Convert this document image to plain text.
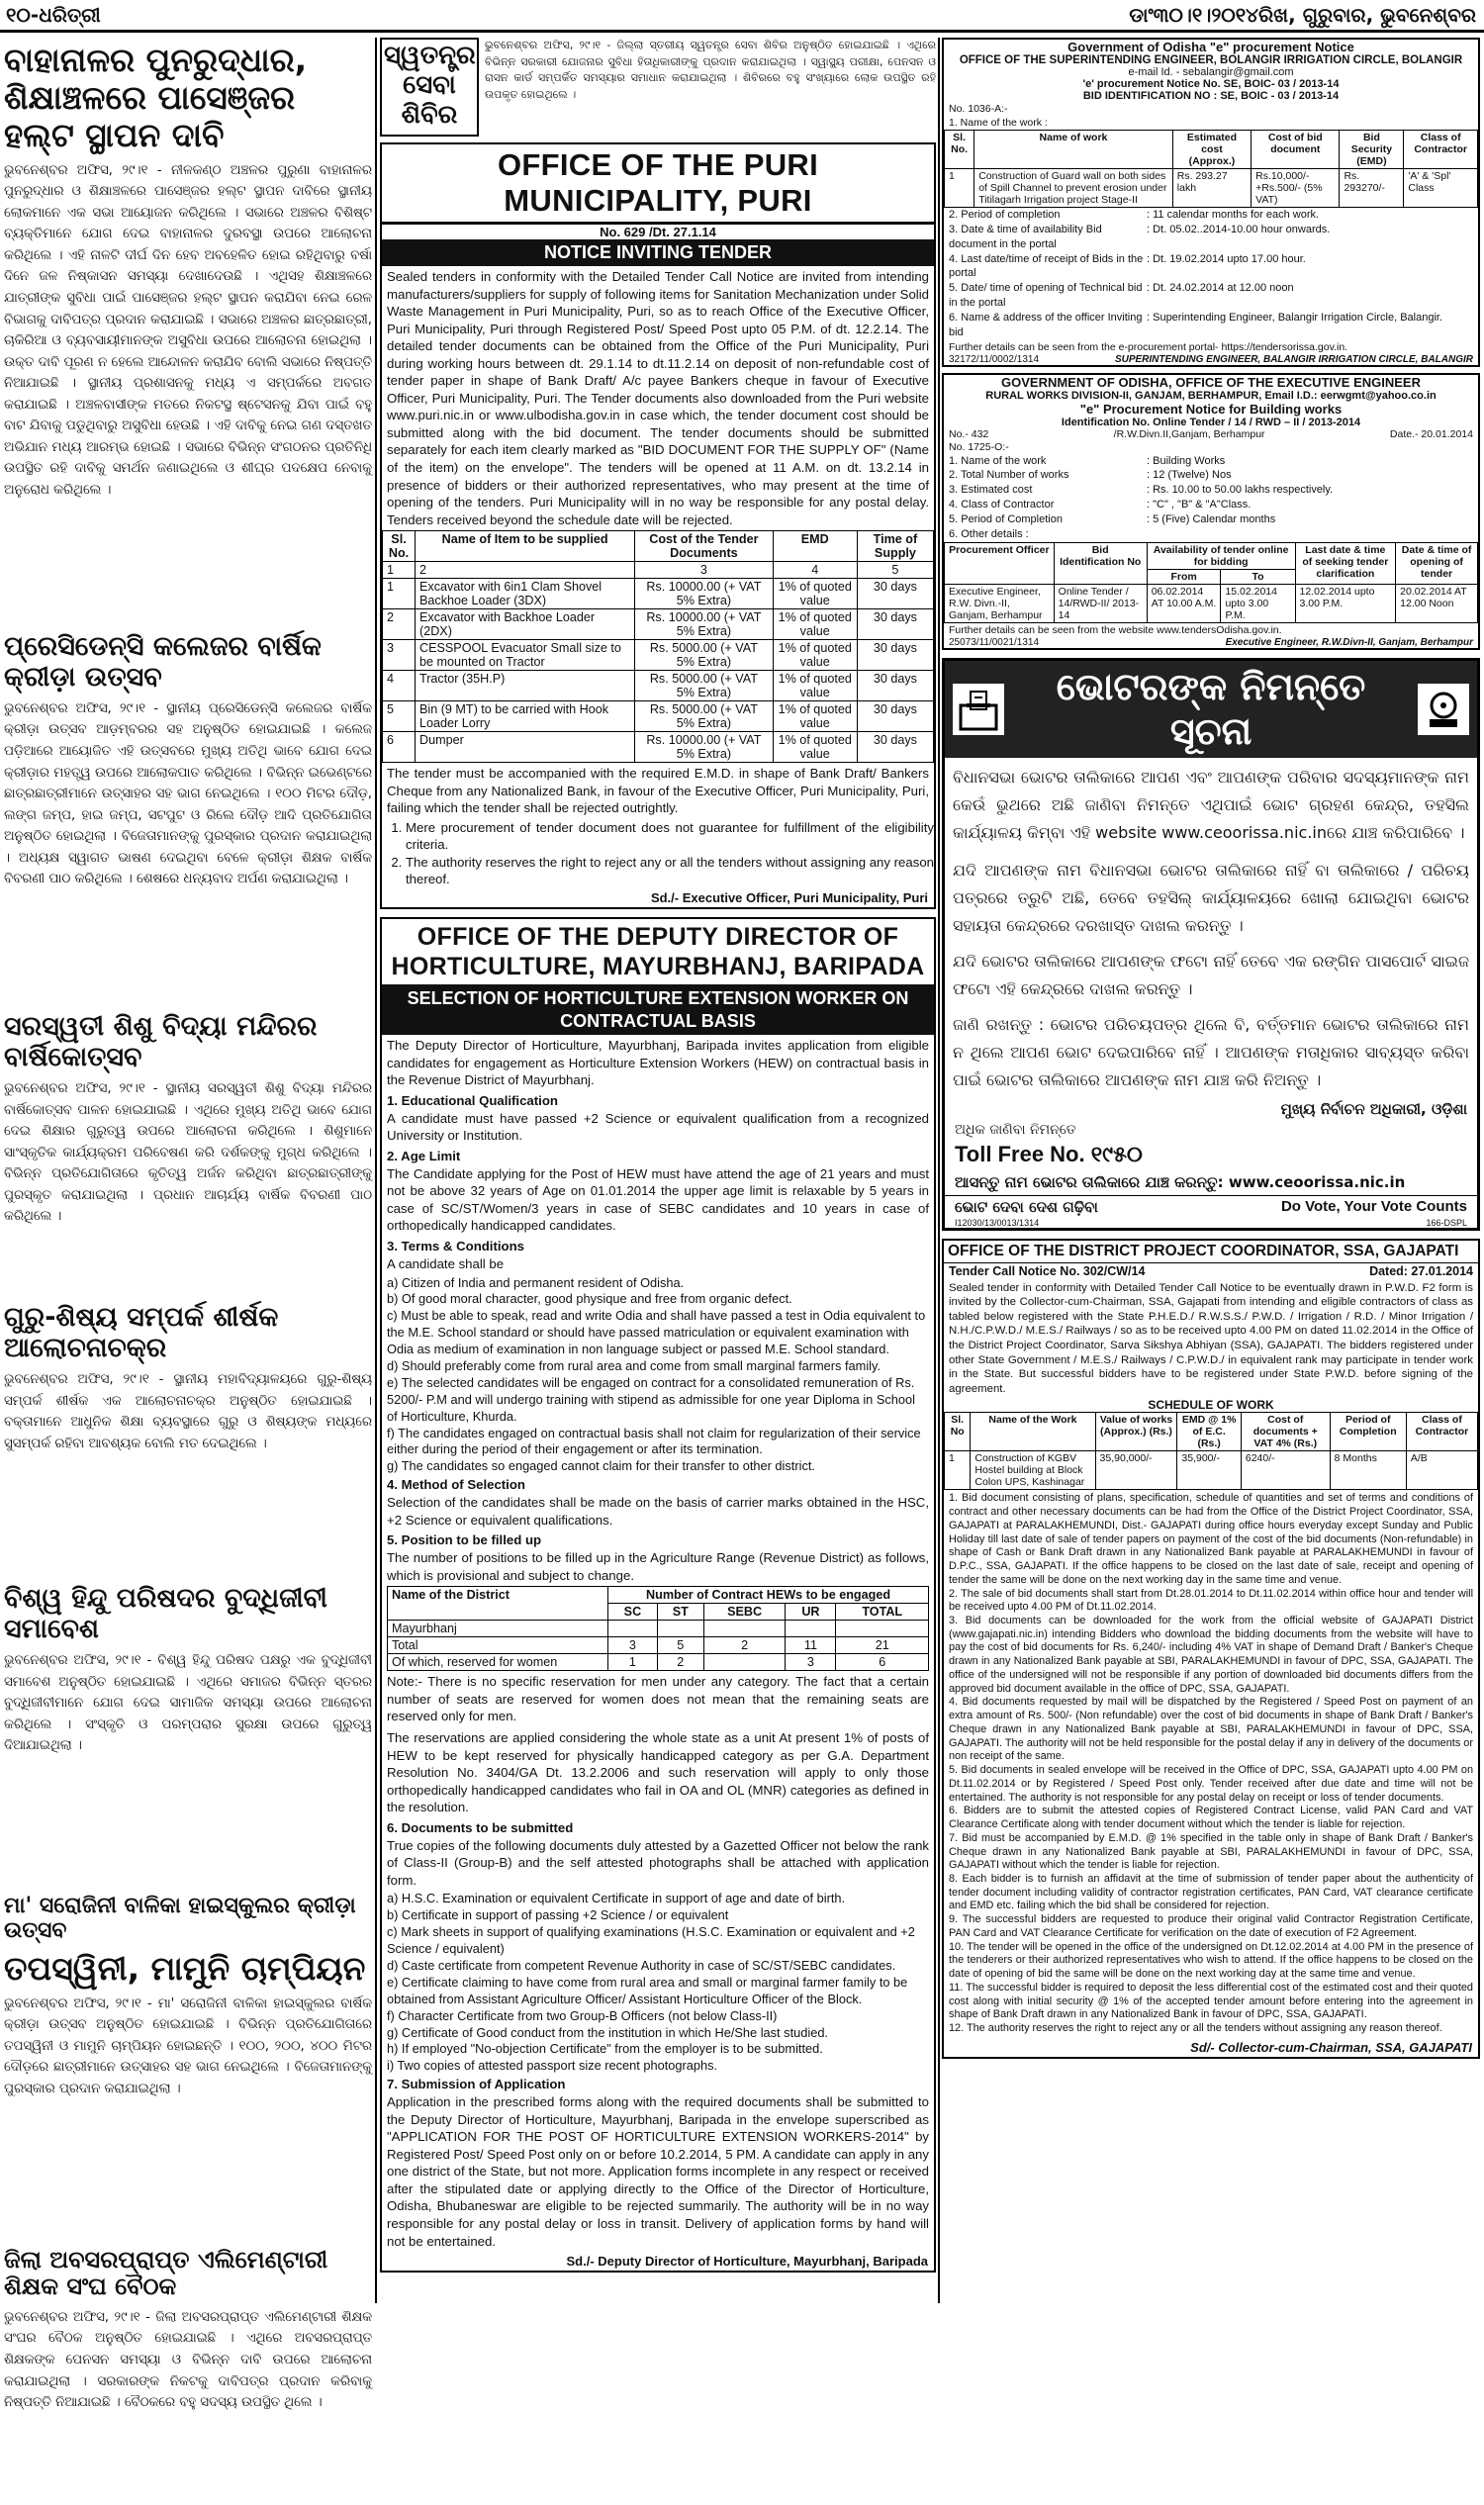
୧୦-ଧରିତ୍ରୀ	ଡାଂ୩୦।୧।୨୦୧୪ରିଖ, ଗୁରୁବାର, ଭୁବନେଶ୍ବର
ବାହାନାଳର ପୁନରୁଦ୍ଧାର, ଶିକ୍ଷାଞ୍ଚଳରେ ପାସେଞ୍ଜର ହଲ୍ଟ ସ୍ଥାପନ ଦାବି

ଭୁବନେଶ୍ବର ଅଫିସ, ୨୯।୧ - ନୀଳକଣ୍ଠ ଅଞ୍ଚଳର ପୁରୁଣା ବାହାନାଳର ପୁନରୁଦ୍ଧାର ଓ ଶିକ୍ଷାଞ୍ଚଳରେ ପାସେଞ୍ଜର ହଲ୍ଟ ସ୍ଥାପନ ଦାବିରେ ସ୍ଥାନୀୟ ଲୋକମାନେ ଏକ ସଭା ଆୟୋଜନ କରିଥିଲେ । ସଭାରେ ଅଞ୍ଚଳର ବିଶିଷ୍ଟ ବ୍ୟକ୍ତିମାନେ ଯୋଗ ଦେଇ ବାହାନାଳର ଦୁରବସ୍ଥା ଉପରେ ଆଲୋଚନା କରିଥିଲେ । ଏହି ନାଳଟି ଦୀର୍ଘ ଦିନ ହେବ ଅବହେଳିତ ହୋଇ ରହିଥିବାରୁ ବର୍ଷା ଦିନେ ଜଳ ନିଷ୍କାସନ ସମସ୍ୟା ଦେଖାଦେଉଛି । ଏଥିସହ ଶିକ୍ଷାଞ୍ଚଳରେ ଯାତ୍ରୀଙ୍କ ସୁବିଧା ପାଇଁ ପାସେଞ୍ଜର ହଲ୍ଟ ସ୍ଥାପନ କରାଯିବା ନେଇ ରେଳ ବିଭାଗକୁ ଦାବିପତ୍ର ପ୍ରଦାନ କରାଯାଇଛି । ସଭାରେ ଅଞ୍ଚଳର ଛାତ୍ରଛାତ୍ରୀ, ଚାକିରିଆ ଓ ବ୍ୟବସାୟୀମାନଙ୍କ ଅସୁବିଧା ଉପରେ ଆଲୋଚନା ହୋଇଥିଲା । ଉକ୍ତ ଦାବି ପୂରଣ ନ ହେଲେ ଆନ୍ଦୋଳନ କରାଯିବ ବୋଲି ସଭାରେ ନିଷ୍ପତ୍ତି ନିଆଯାଇଛି । ସ୍ଥାନୀୟ ପ୍ରଶାସନକୁ ମଧ୍ୟ ଏ ସମ୍ପର୍କରେ ଅବଗତ କରାଯାଇଛି । ଅଞ୍ଚଳବାସୀଙ୍କ ମତରେ ନିକଟସ୍ଥ ଷ୍ଟେସନକୁ ଯିବା ପାଇଁ ବହୁ ବାଟ ଯିବାକୁ ପଡୁଥିବାରୁ ଅସୁବିଧା ହେଉଛି । ଏହି ଦାବିକୁ ନେଇ ଗଣ ଦସ୍ତଖତ ଅଭିଯାନ ମଧ୍ୟ ଆରମ୍ଭ ହୋଇଛି । ସଭାରେ ବିଭିନ୍ନ ସଂଗଠନର ପ୍ରତିନିଧି ଉପସ୍ଥିତ ରହି ଦାବିକୁ ସମର୍ଥନ ଜଣାଇଥିଲେ ଓ ଶୀଘ୍ର ପଦକ୍ଷେପ ନେବାକୁ ଅନୁରୋଧ କରିଥିଲେ ।

ପ୍ରେସିଡେନ୍ସି କଲେଜର ବାର୍ଷିକ କ୍ରୀଡ଼ା ଉତ୍ସବ

ଭୁବନେଶ୍ବର ଅଫିସ, ୨୯।୧ - ସ୍ଥାନୀୟ ପ୍ରେସିଡେନ୍ସି କଲେଜର ବାର୍ଷିକ କ୍ରୀଡ଼ା ଉତ୍ସବ ଆଡ଼ମ୍ବରର ସହ ଅନୁଷ୍ଠିତ ହୋଇଯାଇଛି । କଲେଜ ପଡ଼ିଆରେ ଆୟୋଜିତ ଏହି ଉତ୍ସବରେ ମୁଖ୍ୟ ଅତିଥି ଭାବେ ଯୋଗ ଦେଇ କ୍ରୀଡ଼ାର ମହତ୍ତ୍ୱ ଉପରେ ଆଲୋକପାତ କରିଥିଲେ । ବିଭିନ୍ନ ଇଭେଣ୍ଟରେ ଛାତ୍ରଛାତ୍ରୀମାନେ ଉତ୍ସାହର ସହ ଭାଗ ନେଇଥିଲେ । ୧୦୦ ମିଟର ଦୌଡ଼, ଲଙ୍ଗ ଜମ୍ପ, ହାଇ ଜମ୍ପ, ସଟପୁଟ ଓ ରିଲେ ଦୌଡ଼ ଆଦି ପ୍ରତିଯୋଗିତା ଅନୁଷ୍ଠିତ ହୋଇଥିଲା । ବିଜେତାମାନଙ୍କୁ ପୁରସ୍କାର ପ୍ରଦାନ କରାଯାଇଥିଲା । ଅଧ୍ୟକ୍ଷ ସ୍ୱାଗତ ଭାଷଣ ଦେଇଥିବା ବେଳେ କ୍ରୀଡ଼ା ଶିକ୍ଷକ ବାର୍ଷିକ ବିବରଣୀ ପାଠ କରିଥିଲେ । ଶେଷରେ ଧନ୍ୟବାଦ ଅର୍ପଣ କରାଯାଇଥିଲା ।

ସରସ୍ୱତୀ ଶିଶୁ ବିଦ୍ୟା ମନ୍ଦିରର ବାର୍ଷିକୋତ୍ସବ

ଭୁବନେଶ୍ବର ଅଫିସ, ୨୯।୧ - ସ୍ଥାନୀୟ ସରସ୍ୱତୀ ଶିଶୁ ବିଦ୍ୟା ମନ୍ଦିରର ବାର୍ଷିକୋତ୍ସବ ପାଳନ ହୋଇଯାଇଛି । ଏଥିରେ ମୁଖ୍ୟ ଅତିଥି ଭାବେ ଯୋଗ ଦେଇ ଶିକ୍ଷାର ଗୁରୁତ୍ୱ ଉପରେ ଆଲୋଚନା କରିଥିଲେ । ଶିଶୁମାନେ ସାଂସ୍କୃତିକ କାର୍ଯ୍ୟକ୍ରମ ପରିବେଷଣ କରି ଦର୍ଶକଙ୍କୁ ମୁଗ୍ଧ କରିଥିଲେ । ବିଭିନ୍ନ ପ୍ରତିଯୋଗିତାରେ କୃତିତ୍ୱ ଅର୍ଜନ କରିଥିବା ଛାତ୍ରଛାତ୍ରୀଙ୍କୁ ପୁରସ୍କୃତ କରାଯାଇଥିଲା । ପ୍ରଧାନ ଆଚାର୍ଯ୍ୟ ବାର୍ଷିକ ବିବରଣୀ ପାଠ କରିଥିଲେ ।

ଗୁରୁ-ଶିଷ୍ୟ ସମ୍ପର୍କ ଶୀର୍ଷକ ଆଲୋଚନାଚକ୍ର

ଭୁବନେଶ୍ବର ଅଫିସ, ୨୯।୧ - ସ୍ଥାନୀୟ ମହାବିଦ୍ୟାଳୟରେ ଗୁରୁ-ଶିଷ୍ୟ ସମ୍ପର୍କ ଶୀର୍ଷକ ଏକ ଆଲୋଚନାଚକ୍ର ଅନୁଷ୍ଠିତ ହୋଇଯାଇଛି । ବକ୍ତାମାନେ ଆଧୁନିକ ଶିକ୍ଷା ବ୍ୟବସ୍ଥାରେ ଗୁରୁ ଓ ଶିଷ୍ୟଙ୍କ ମଧ୍ୟରେ ସୁସମ୍ପର୍କ ରହିବା ଆବଶ୍ୟକ ବୋଲି ମତ ଦେଇଥିଲେ ।

ବିଶ୍ୱ ହିନ୍ଦୁ ପରିଷଦର ବୁଦ୍ଧିଜୀବୀ ସମାବେଶ

ଭୁବନେଶ୍ବର ଅଫିସ, ୨୯।୧ - ବିଶ୍ୱ ହିନ୍ଦୁ ପରିଷଦ ପକ୍ଷରୁ ଏକ ବୁଦ୍ଧିଜୀବୀ ସମାବେଶ ଅନୁଷ୍ଠିତ ହୋଇଯାଇଛି । ଏଥିରେ ସମାଜର ବିଭିନ୍ନ ସ୍ତରର ବୁଦ୍ଧିଜୀବୀମାନେ ଯୋଗ ଦେଇ ସାମାଜିକ ସମସ୍ୟା ଉପରେ ଆଲୋଚନା କରିଥିଲେ । ସଂସ୍କୃତି ଓ ପରମ୍ପରାର ସୁରକ୍ଷା ଉପରେ ଗୁରୁତ୍ୱ ଦିଆଯାଇଥିଲା ।

ମା' ସରୋଜିନୀ ବାଳିକା ହାଇସ୍କୁଲର କ୍ରୀଡ଼ା ଉତ୍ସବ
ତପସ୍ୱିନୀ, ମାମୁନି ଚାମ୍ପିୟନ

ଭୁବନେଶ୍ବର ଅଫିସ, ୨୯।୧ - ମା' ସରୋଜିନୀ ବାଳିକା ହାଇସ୍କୁଲର ବାର୍ଷିକ କ୍ରୀଡ଼ା ଉତ୍ସବ ଅନୁଷ୍ଠିତ ହୋଇଯାଇଛି । ବିଭିନ୍ନ ପ୍ରତିଯୋଗିତାରେ ତପସ୍ୱିନୀ ଓ ମାମୁନି ଚାମ୍ପିୟନ ହୋଇଛନ୍ତି । ୧୦୦, ୨୦୦, ୪୦୦ ମିଟର ଦୌଡ଼ରେ ଛାତ୍ରୀମାନେ ଉତ୍ସାହର ସହ ଭାଗ ନେଇଥିଲେ । ବିଜେତାମାନଙ୍କୁ ପୁରସ୍କାର ପ୍ରଦାନ କରାଯାଇଥିଲା ।

ଜିଲା ଅବସରପ୍ରାପ୍ତ ଏଲିମେଣ୍ଟାରୀ ଶିକ୍ଷକ ସଂଘ ବୈଠକ

ଭୁବନେଶ୍ବର ଅଫିସ, ୨୯।୧ - ଜିଲା ଅବସରପ୍ରାପ୍ତ ଏଲିମେଣ୍ଟାରୀ ଶିକ୍ଷକ ସଂଘର ବୈଠକ ଅନୁଷ୍ଠିତ ହୋଇଯାଇଛି । ଏଥିରେ ଅବସରପ୍ରାପ୍ତ ଶିକ୍ଷକଙ୍କ ପେନସନ ସମସ୍ୟା ଓ ବିଭିନ୍ନ ଦାବି ଉପରେ ଆଲୋଚନା କରାଯାଇଥିଲା । ସରକାରଙ୍କ ନିକଟକୁ ଦାବିପତ୍ର ପ୍ରଦାନ କରିବାକୁ ନିଷ୍ପତ୍ତି ନିଆଯାଇଛି । ବୈଠକରେ ବହୁ ସଦସ୍ୟ ଉପସ୍ଥିତ ଥିଲେ ।

ସ୍ୱତନ୍ତ୍ର ସେବା ଶିବିର

ଭୁବନେଶ୍ବର ଅଫିସ, ୨୯।୧ - ଜିଲ୍ଲା ସ୍ତରୀୟ ସ୍ୱତନ୍ତ୍ର ସେବା ଶିବିର ଅନୁଷ୍ଠିତ ହୋଇଯାଇଛି । ଏଥିରେ ବିଭିନ୍ନ ସରକାରୀ ଯୋଜନାର ସୁବିଧା ହିତାଧିକାରୀଙ୍କୁ ପ୍ରଦାନ କରାଯାଇଥିଲା । ସ୍ୱାସ୍ଥ୍ୟ ପରୀକ୍ଷା, ପେନସନ ଓ ରାସନ କାର୍ଡ ସମ୍ପର୍କିତ ସମସ୍ୟାର ସମାଧାନ କରାଯାଇଥିଲା । ଶିବିରରେ ବହୁ ସଂଖ୍ୟାରେ ଲୋକ ଉପସ୍ଥିତ ରହି ଉପକୃତ ହୋଇଥିଲେ ।

OFFICE OF THE PURI MUNICIPALITY, PURI
No. 629 /Dt. 27.1.14
NOTICE INVITING TENDER

Sealed tenders in conformity with the Detailed Tender Call Notice are invited from intending manufacturers/suppliers for supply of following items for Sanitation Mechanization under Solid Waste Management in Puri Municipality, Puri, so as to reach Office of the Executive Officer, Puri Municipality, Puri through Registered Post/ Speed Post upto 05 P.M. of dt. 12.2.14. The detailed tender documents can be obtained from the Office of the Puri Municipality, Puri during working hours between dt. 29.1.14 to dt.11.2.14 on deposit of non-refundable cost of tender paper in shape of Bank Draft/ A/c payee Bankers cheque in favour of Executive Officer, Puri Municipality, Puri. The Tender documents also downloaded from the Puri website www.puri.nic.in or www.ulbodisha.gov.in in case which, the tender document cost should be submitted along with the bid document. The tender documents should be submitted separately for each item clearly marked as "BID DOCUMENT FOR THE SUPPLY OF" (Name of the item) on the envelope". The tenders will be opened at 11 A.M. on dt. 13.2.14 in presence of bidders or their authorized representatives, who may present at the time of opening of the tenders. Puri Municipality will in no way be responsible for any postal delay. Tenders received beyond the schedule date will be rejected.

Sl. No.	Name of Item to be supplied	Cost of the Tender Documents	EMD	Time of Supply
1	2	3	4	5
1	Excavator with 6in1 Clam Shovel Backhoe Loader (3DX)	Rs. 10000.00 (+ VAT 5% Extra)	1% of quoted value	30 days
2	Excavator with Backhoe Loader (2DX)	Rs. 10000.00 (+ VAT 5% Extra)	1% of quoted value	30 days
3	CESSPOOL Evacuator Small size to be mounted on Tractor	Rs. 5000.00 (+ VAT 5% Extra)	1% of quoted value	30 days
4	Tractor (35H.P)	Rs. 5000.00 (+ VAT 5% Extra)	1% of quoted value	30 days
5	Bin (9 MT) to be carried with Hook Loader Lorry	Rs. 5000.00 (+ VAT 5% Extra)	1% of quoted value	30 days
6	Dumper	Rs. 10000.00 (+ VAT 5% Extra)	1% of quoted value	30 days

The tender must be accompanied with the required E.M.D. in shape of Bank Draft/ Bankers Cheque from any Nationalized Bank, in favour of the Executive Officer, Puri Municipality, Puri, failing which the tender shall be rejected outrightly.

1. Mere procurement of tender document does not guarantee for fulfillment of the eligibility criteria.
2. The authority reserves the right to reject any or all the tenders without assigning any reason thereof.
Sd./- Executive Officer, Puri Municipality, Puri
OFFICE OF THE DEPUTY DIRECTOR OF HORTICULTURE, MAYURBHANJ, BARIPADA
SELECTION OF HORTICULTURE EXTENSION WORKER ON CONTRACTUAL BASIS

The Deputy Director of Horticulture, Mayurbhanj, Baripada invites application from eligible candidates for engagement as Horticulture Extension Workers (HEW) on contractual basis in the Revenue District of Mayurbhanj.

1. Educational Qualification

A candidate must have passed +2 Science or equivalent qualification from a recognized University or Institution.

2. Age Limit

The Candidate applying for the Post of HEW must have attend the age of 21 years and must not be above 32 years of Age on 01.01.2014 the upper age limit is relaxable by 5 years in case of SC/ST/Women/3 years in case of SEBC candidates and 10 years in case of orthopedically handicapped candidates.

3. Terms & Conditions

A candidate shall be

a) Citizen of India and permanent resident of Odisha.
b) Of good moral character, good physique and free from organic defect.
c) Must be able to speak, read and write Odia and shall have passed a test in Odia equivalent to the M.E. School standard or should have passed matriculation or equivalent examination with Odia as medium of examination in non language subject or passed M.E. School standard.
d) Should preferably come from rural area and come from small marginal farmers family.
e) The selected candidates will be engaged on contract for a consolidated remuneration of Rs. 5200/- P.M and will undergo training with stipend as admissible for one year Diploma in School of Horticulture, Khurda.
f) The candidates engaged on contractual basis shall not claim for regularization of their service either during the period of their engagement or after its termination.
g) The candidates so engaged cannot claim for their transfer to other district.
4. Method of Selection

Selection of the candidates shall be made on the basis of carrier marks obtained in the HSC, +2 Science or equivalent qualifications.

5. Position to be filled up

The number of positions to be filled up in the Agriculture Range (Revenue District) as follows, which is provisional and subject to change.

Name of the District	Number of Contract HEWs to be engaged				
	SC	ST	SEBC	UR	TOTAL
Mayurbhanj					
Total	3	5	2	11	21
Of which, reserved for women	1	2		3	6

Note:- There is no specific reservation for men under any category. The fact that a certain number of seats are reserved for women does not mean that the remaining seats are reserved only for men.

The reservations are applied considering the whole state as a unit At present 1% of posts of HEW to be kept reserved for physically handicapped category as per G.A. Department Resolution No. 3404/GA Dt. 13.2.2006 and such reservation will apply to only those orthopedically handicapped candidates who fail in OA and OL (MNR) categories as defined in the resolution.

6. Documents to be submitted

True copies of the following documents duly attested by a Gazetted Officer not below the rank of Class-II (Group-B) and the self attested photographs shall be attached with application form.

a) H.S.C. Examination or equivalent Certificate in support of age and date of birth.
b) Certificate in support of passing +2 Science / or equivalent
c) Mark sheets in support of qualifying examinations (H.S.C. Examination or equivalent and +2 Science / equivalent)
d) Caste certificate from competent Revenue Authority in case of SC/ST/SEBC candidates.
e) Certificate claiming to have come from rural area and small or marginal farmer family to be obtained from Assistant Agriculture Officer/ Assistant Horticulture Officer of the Block.
f) Character Certificate from two Group-B Officers (not below Class-II)
g) Certificate of Good conduct from the institution in which He/She last studied.
h) If employed "No-objection Certificate" from the employer is to be submitted.
i) Two copies of attested passport size recent photographs.
7. Submission of Application

Application in the prescribed forms along with the required documents shall be submitted to the Deputy Director of Horticulture, Mayurbhanj, Baripada in the envelope superscribed as "APPLICATION FOR THE POST OF HORTICULTURE EXTENSION WORKERS-2014" by Registered Post/ Speed Post only on or before 10.2.2014, 5 PM. A candidate can apply in any one district of the State, but not more. Application forms incomplete in any respect or received after the stipulated date or applying directly to the Office of the Director of Horticulture, Odisha, Bhubaneswar are eligible to be rejected summarily. The authority will be in no way responsible for any postal delay or loss in transit. Delivery of application forms by hand will not be entertained.

Sd./- Deputy Director of Horticulture, Mayurbhanj, Baripada
Government of Odisha "e" procurement Notice
OFFICE OF THE SUPERINTENDING ENGINEER, BOLANGIR IRRIGATION CIRCLE, BOLANGIR
e-mail Id. - sebalangir@gmail.com
'e' procurement Notice No. SE, BOIC- 03 / 2013-14
BID IDENTIFICATION NO : SE, BOIC - 03 / 2013-14
No. 1036-A:-
1. Name of the work :
Sl. No.	Name of work	Estimated cost (Approx.)	Cost of bid document	Bid Security (EMD)	Class of Contractor
1	Construction of Guard wall on both sides of Spill Channel to prevent erosion under Titilagarh Irrigation project Stage-II	Rs. 293.27 lakh	Rs.10,000/- +Rs.500/- (5% VAT)	Rs. 293270/-	'A' & 'Spl' Class
2. Period of completion	: 11 calendar months for each work.
3. Date & time of availability Bid document in the portal
: Dt. 05.02..2014-10.00 hour onwards.
4. Last date/time of receipt of Bids in the portal
: Dt. 19.02.2014 upto 17.00 hour.
5. Date/ time of opening of Technical bid in the portal
: Dt. 24.02.2014 at 12.00 noon
6. Name & address of the officer Inviting bid
: Superintending Engineer, Balangir Irrigation Circle, Balangir.
Further details can be seen from the e-procurement portal- https://tendersorissa.gov.in.
32172/11/0002/1314	SUPERINTENDING ENGINEER, BALANGIR IRRIGATION CIRCLE, BALANGIR
GOVERNMENT OF ODISHA, OFFICE OF THE EXECUTIVE ENGINEER
RURAL WORKS DIVISION-II, GANJAM, BERHAMPUR, Email I.D.: eerwgmt@yahoo.co.in
"e" Procurement Notice for Building works
Identification No. Online Tender / 14 / RWD – II / 2013-2014
No.- 432	/R.W.Divn.II,Ganjam, Berhampur	Date.- 20.01.2014
No. 1725-O:-
1. Name of the work	: Building Works
2. Total Number of works	: 12 (Twelve) Nos
3. Estimated cost	: Rs. 10.00 to 50.00 lakhs respectively.
4. Class of Contractor	: "C" , "B" & "A"Class.
5. Period of Completion	: 5 (Five) Calendar months
6. Other details :
Procurement Officer	Bid Identification No	Availability of tender online for bidding		Last date & time of seeking tender clarification	Date & time of opening of tender
		From	To		
Executive Engineer, R.W. Divn.-II, Ganjam, Berhampur	Online Tender / 14/RWD-II/ 2013-14	06.02.2014 AT 10.00 A.M.	15.02.2014 upto 3.00 P.M.	12.02.2014 upto 3.00 P.M.	20.02.2014 AT 12.00 Noon
Further details can be seen from the website www.tendersOdisha.gov.in.
25073/11/0021/1314	Executive Engineer, R.W.Divn-II, Ganjam, Berhampur
ଭୋଟରଙ୍କ ନିମନ୍ତେ ସୂଚନା

ବିଧାନସଭା ଭୋଟର ତାଲିକାରେ ଆପଣ ଏବଂ ଆପଣଙ୍କ ପରିବାର ସଦସ୍ୟମାନଙ୍କ ନାମ କେଉଁ ଭୁଥରେ ଅଛି ଜାଣିବା ନିମନ୍ତେ ଏଥିପାଇଁ ଭୋଟ ଗ୍ରହଣ କେନ୍ଦ୍ର, ତହସିଲ କାର୍ଯ୍ୟାଳୟ କିମ୍ବା ଏହି website www.ceoorissa.nic.inରେ ଯାଞ୍ଚ କରିପାରିବେ ।

ଯଦି ଆପଣଙ୍କ ନାମ ବିଧାନସଭା ଭୋଟର ତାଲିକାରେ ନାହିଁ ବା ତାଲିକାରେ / ପରିଚୟ ପତ୍ରରେ ତ୍ରୁଟି ଅଛି, ତେବେ ତହସିଲ୍ କାର୍ଯ୍ୟାଳୟରେ ଖୋଲା ଯୋଇଥିବା ଭୋଟର ସହାୟତା କେନ୍ଦ୍ରରେ ଦରଖାସ୍ତ ଦାଖଲ କରନ୍ତୁ ।

ଯଦି ଭୋଟର ତାଲିକାରେ ଆପଣଙ୍କ ଫଟୋ ନାହିଁ ତେବେ ଏକ ରଙ୍ଗିନ ପାସପୋର୍ଟ ସାଇଜ ଫଟୋ ଏହି କେନ୍ଦ୍ରରେ ଦାଖଲ କରନ୍ତୁ ।

ଜାଣି ରଖନ୍ତୁ : ଭୋଟର ପରିଚୟପତ୍ର ଥିଲେ ବି, ବର୍ତ୍ତମାନ ଭୋଟର ତାଲିକାରେ ନାମ ନ ଥିଲେ ଆପଣ ଭୋଟ ଦେଇପାରିବେ ନାହିଁ । ଆପଣଙ୍କ ମତାଧିକାର ସାବ୍ୟସ୍ତ କରିବା ପାଇଁ ଭୋଟର ତାଲିକାରେ ଆପଣଙ୍କ ନାମ ଯାଞ୍ଚ କରି ନିଅନ୍ତୁ ।

ମୁଖ୍ୟ ନିର୍ବାଚନ ଅଧିକାରୀ, ଓଡ଼ିଶା
ଅଧିକ ଜାଣିବା ନିମନ୍ତେ
Toll Free No. ୧୯୫୦
ଆସନ୍ତୁ ନାମ ଭୋଟର ତାଲିକାରେ ଯାଞ୍ଚ କରନ୍ତୁ: www.ceoorissa.nic.in
ଭୋଟ ଦେବା ଦେଶ ଗଢ଼ିବା	Do Vote, Your Vote Counts
I12030/13/0013/1314	166-DSPL
OFFICE OF THE DISTRICT PROJECT COORDINATOR, SSA, GAJAPATI
Tender Call Notice No. 302/CW/14	Dated: 27.01.2014

Sealed tender in conformity with Detailed Tender Call Notice to be eventually drawn in P.W.D. F2 form is invited by the Collector-cum-Chairman, SSA, Gajapati from intending and eligible contractors of class as tabled below registered with the State P.H.E.D./ R.W.S.S./ P.W.D. / Irrigation / R.D. / Minor Irrigation / N.H./C.P.W.D./ M.E.S./ Railways / so as to be received upto 4.00 PM on dated 11.02.2014 in the Office of the District Project Coordinator, Sarva Sikshya Abhiyan (SSA), GAJAPATI. The bidders registered under other State Government / M.E.S./ Railways / C.P.W.D./ in equivalent rank may participate in tender work in the State. But successful bidders have to be registered under State P.W.D. before signing of the agreement.

SCHEDULE OF WORK
Sl. No	Name of the Work	Value of works (Approx.) (Rs.)	EMD @ 1% of E.C. (Rs.)	Cost of documents + VAT 4% (Rs.)	Period of Completion	Class of Contractor
1	Construction of KGBV Hostel building at Block Colon UPS, Kashinagar	35,90,000/-	35,900/-	6240/-	8 Months	A/B
1. Bid document consisting of plans, specification, schedule of quantities and set of terms and conditions of contract and other necessary documents can be had from the Office of the District Project Coordinator, SSA, GAJAPATI at PARALAKHEMUNDI, Dist.- GAJAPATI during office hours everyday except Sunday and Public Holiday till last date of sale of tender papers on payment of the cost of the bid documents (Non-refundable) in shape of Cash or Bank Draft drawn in any Nationalized Bank payable at PARALAKHEMUNDI in favour of D.P.C., SSA, GAJAPATI. If the office happens to be closed on the last date of sale, receipt and opening of tender the same will be done on the next working day in the same time and venue.
2. The sale of bid documents shall start from Dt.28.01.2014 to Dt.11.02.2014 within office hour and tender will be received upto 4.00 PM of Dt.11.02.2014.
3. Bid documents can be downloaded for the work from the official website of GAJAPATI District (www.gajapati.nic.in) intending Bidders who download the bidding documents from the website will have to pay the cost of bid documents for Rs. 6,240/- including 4% VAT in shape of Demand Draft / Banker's Cheque drawn in any Nationalized Bank payable at SBI, PARALAKHEMUNDI in favour of DPC, SSA, GAJAPATI. The office of the undersigned will not be responsible if any portion of downloaded bid documents differs from the approved bid document available in the office of DPC, SSA, GAJAPATI.
4. Bid documents requested by mail will be dispatched by the Registered / Speed Post on payment of an extra amount of Rs. 500/- (Non refundable) over the cost of bid documents in shape of Bank Draft / Banker's Cheque drawn in any Nationalized Bank payable at SBI, PARALAKHEMUNDI in favour of DPC, SSA, GAJAPATI. The authority will not be held responsible for the postal delay if any in delivery of the documents or non receipt of the same.
5. Bid documents in sealed envelope will be received in the Office of DPC, SSA, GAJAPATI upto 4.00 PM on Dt.11.02.2014 or by Registered / Speed Post only. Tender received after due date and time will not be entertained. The authority is not responsible for any postal delay on receipt or loss of tender documents.
6. Bidders are to submit the attested copies of Registered Contract License, valid PAN Card and VAT Clearance Certificate along with tender document without which the tender is liable for rejection.
7. Bid must be accompanied by E.M.D. @ 1% specified in the table only in shape of Bank Draft / Banker's Cheque drawn in any Nationalized Bank payable at SBI, PARALAKHEMUNDI in favour of DPC, SSA, GAJAPATI without which the tender is liable for rejection.
8. Each bidder is to furnish an affidavit at the time of submission of tender paper about the authenticity of tender document including validity of contractor registration certificates, PAN Card, VAT clearance certificate and EMD etc. failing which the bid shall be considered for rejection.
9. The successful bidders are requested to produce their original valid Contractor Registration Certificate, PAN Card and VAT Clearance Certificate for verification on the date of execution of F2 Agreement.
10. The tender will be opened in the office of the undersigned on Dt.12.02.2014 at 4.00 PM in the presence of the tenderers or their authorized representatives who wish to attend. If the office happens to be closed on the date of opening of bid the same will be done on the next working day at the same time and venue.
11. The successful bidder is required to deposit the less differential cost of the estimated cost and their quoted cost along with initial security @ 1% of the accepted tender amount before entering into the agreement in shape of Bank Draft drawn in any Nationalized Bank in favour of DPC, SSA, GAJAPATI.
12. The authority reserves the right to reject any or all the tenders without assigning any reason thereof.
Sd/- Collector-cum-Chairman, SSA, GAJAPATI
